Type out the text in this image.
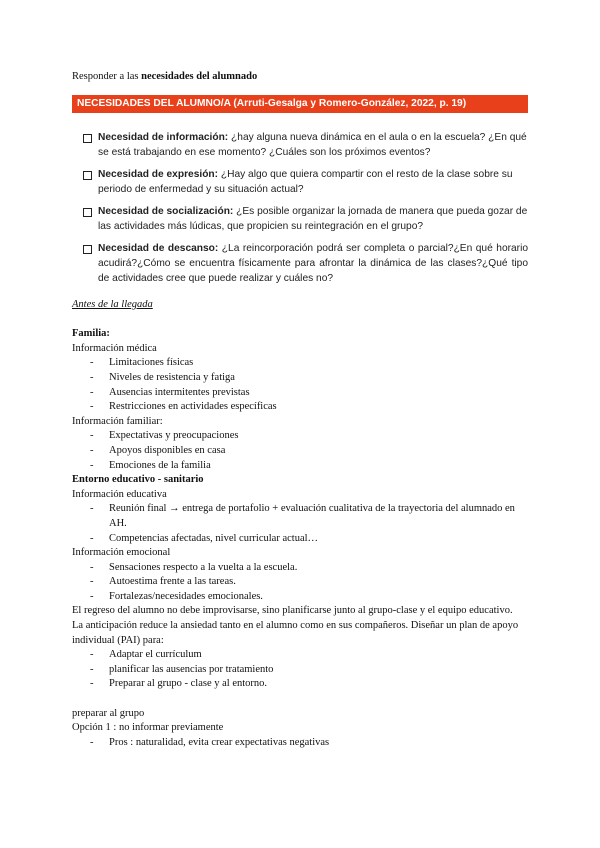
Responder a las necesidades del alumnado
NECESIDADES DEL ALUMNO/A (Arruti-Gesalga y Romero-González, 2022, p. 19)
Necesidad de información: ¿hay alguna nueva dinámica en el aula o en la escuela? ¿En qué se está trabajando en ese momento? ¿Cuáles son los próximos eventos?
Necesidad de expresión: ¿Hay algo que quiera compartir con el resto de la clase sobre su periodo de enfermedad y su situación actual?
Necesidad de socialización: ¿Es posible organizar la jornada de manera que pueda gozar de las actividades más lúdicas, que propicien su reintegración en el grupo?
Necesidad de descanso: ¿La reincorporación podrá ser completa o parcial?¿En qué horario acudirá?¿Cómo se encuentra físicamente para afrontar la dinámica de las clases?¿Qué tipo de actividades cree que puede realizar y cuáles no?

Antes de la llegada

Familia:

Información médica

- Limitaciones físicas
- Niveles de resistencia y fatiga
- Ausencias intermitentes previstas
- Restricciones en actividades específicas

Información familiar:

- Expectativas y preocupaciones
- Apoyos disponibles en casa
- Emociones de la familia

Entorno educativo - sanitario

Información educativa

- Reunión final → entrega de portafolio + evaluación cualitativa de la trayectoria del alumnado en AH.
- Competencias afectadas, nivel curricular actual…

Información emocional

- Sensaciones respecto a la vuelta a la escuela.
- Autoestima frente a las tareas.
- Fortalezas/necesidades emocionales.

El regreso del alumno no debe improvisarse, sino planificarse junto al grupo-clase y el equipo educativo.

La anticipación reduce la ansiedad tanto en el alumno como en sus compañeros. Diseñar un plan de apoyo individual (PAI) para:

- Adaptar el currículum
- planificar las ausencias por tratamiento
- Preparar al grupo - clase y al entorno.

preparar al grupo

Opción 1 : no informar previamente

- Pros : naturalidad, evita crear expectativas negativas
